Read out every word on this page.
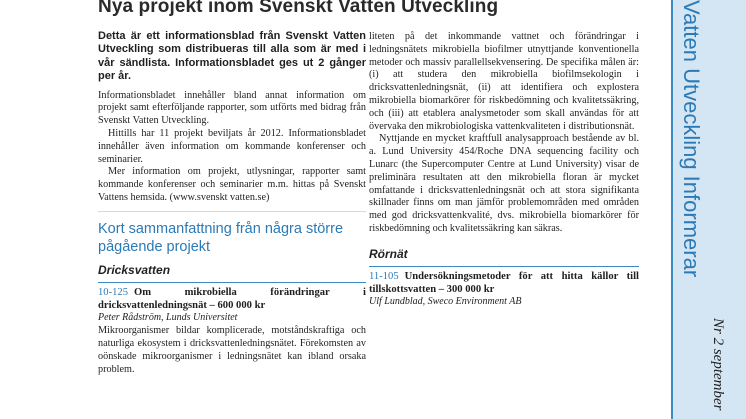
Nya projekt inom Svenskt Vatten Utveckling

Detta är ett informationsblad från Svenskt Vatten Utveckling som distribueras till alla som är med i vår sändlista. Informationsbladet ges ut 2 gånger per år.

Informationsbladet innehåller bland annat information om projekt samt efterföljande rapporter, som utförts med bidrag från Svenskt Vatten Utveckling.

Hittills har 11 projekt beviljats år 2012. Informationsbladet innehåller även information om kommande konferenser och seminarier.

Mer information om projekt, utlysningar, rapporter samt kommande konferenser och seminarier m.m. hittas på Svenskt Vattens hemsida. (www.svenskt vatten.se)

Kort sammanfattning från några större pågående projekt
Dricksvatten

10-125 Om mikrobiella förändringar i dricksvattenledningsnät – 600 000 kr

Peter Rådström, Lunds Universitet

Mikroorganismer bildar komplicerade, motståndskraftiga och naturliga ekosystem i dricksvattenledningsnätet. Förekomsten av oönskade mikroorganismer i ledningsnätet kan ibland orsaka problem.

liteten på det inkommande vattnet och förändringar i ledningsnätets mikrobiella biofilmer utnyttjande konventionella metoder och massiv parallellsekvensering. De specifika målen är: (i) att studera den mikrobiella biofilmsekologin i dricksvattenledningsnät, (ii) att identifiera och explostera mikrobiella biomarkörer för riskbedömning och kvalitetssäkring, och (iii) att etablera analysmetoder som skall användas för att övervaka den mikrobiologiska vattenkvaliteten i distributionsnät.

Nyttjande en mycket kraftfull analysapproach bestående av bl. a. Lund University 454/Roche DNA sequencing facility och Lunarc (the Supercomputer Centre at Lund University) visar de preliminära resultaten att den mikrobiella floran är mycket omfattande i dricksvattenledningsnät och att stora signifikanta skillnader finns om man jämför problemområden med områden med god dricksvattenkvalité, dvs. mikrobiella biomarkörer för riskbedömning och kvalitetssäkring kan säkras.

Rörnät

11-105 Undersökningsmetoder för att hitta källor till tillskottsvatten – 300 000 kr

Ulf Lundblad, Sweco Environment AB

Vatten Utveckling Informerar
Nr 2 september
